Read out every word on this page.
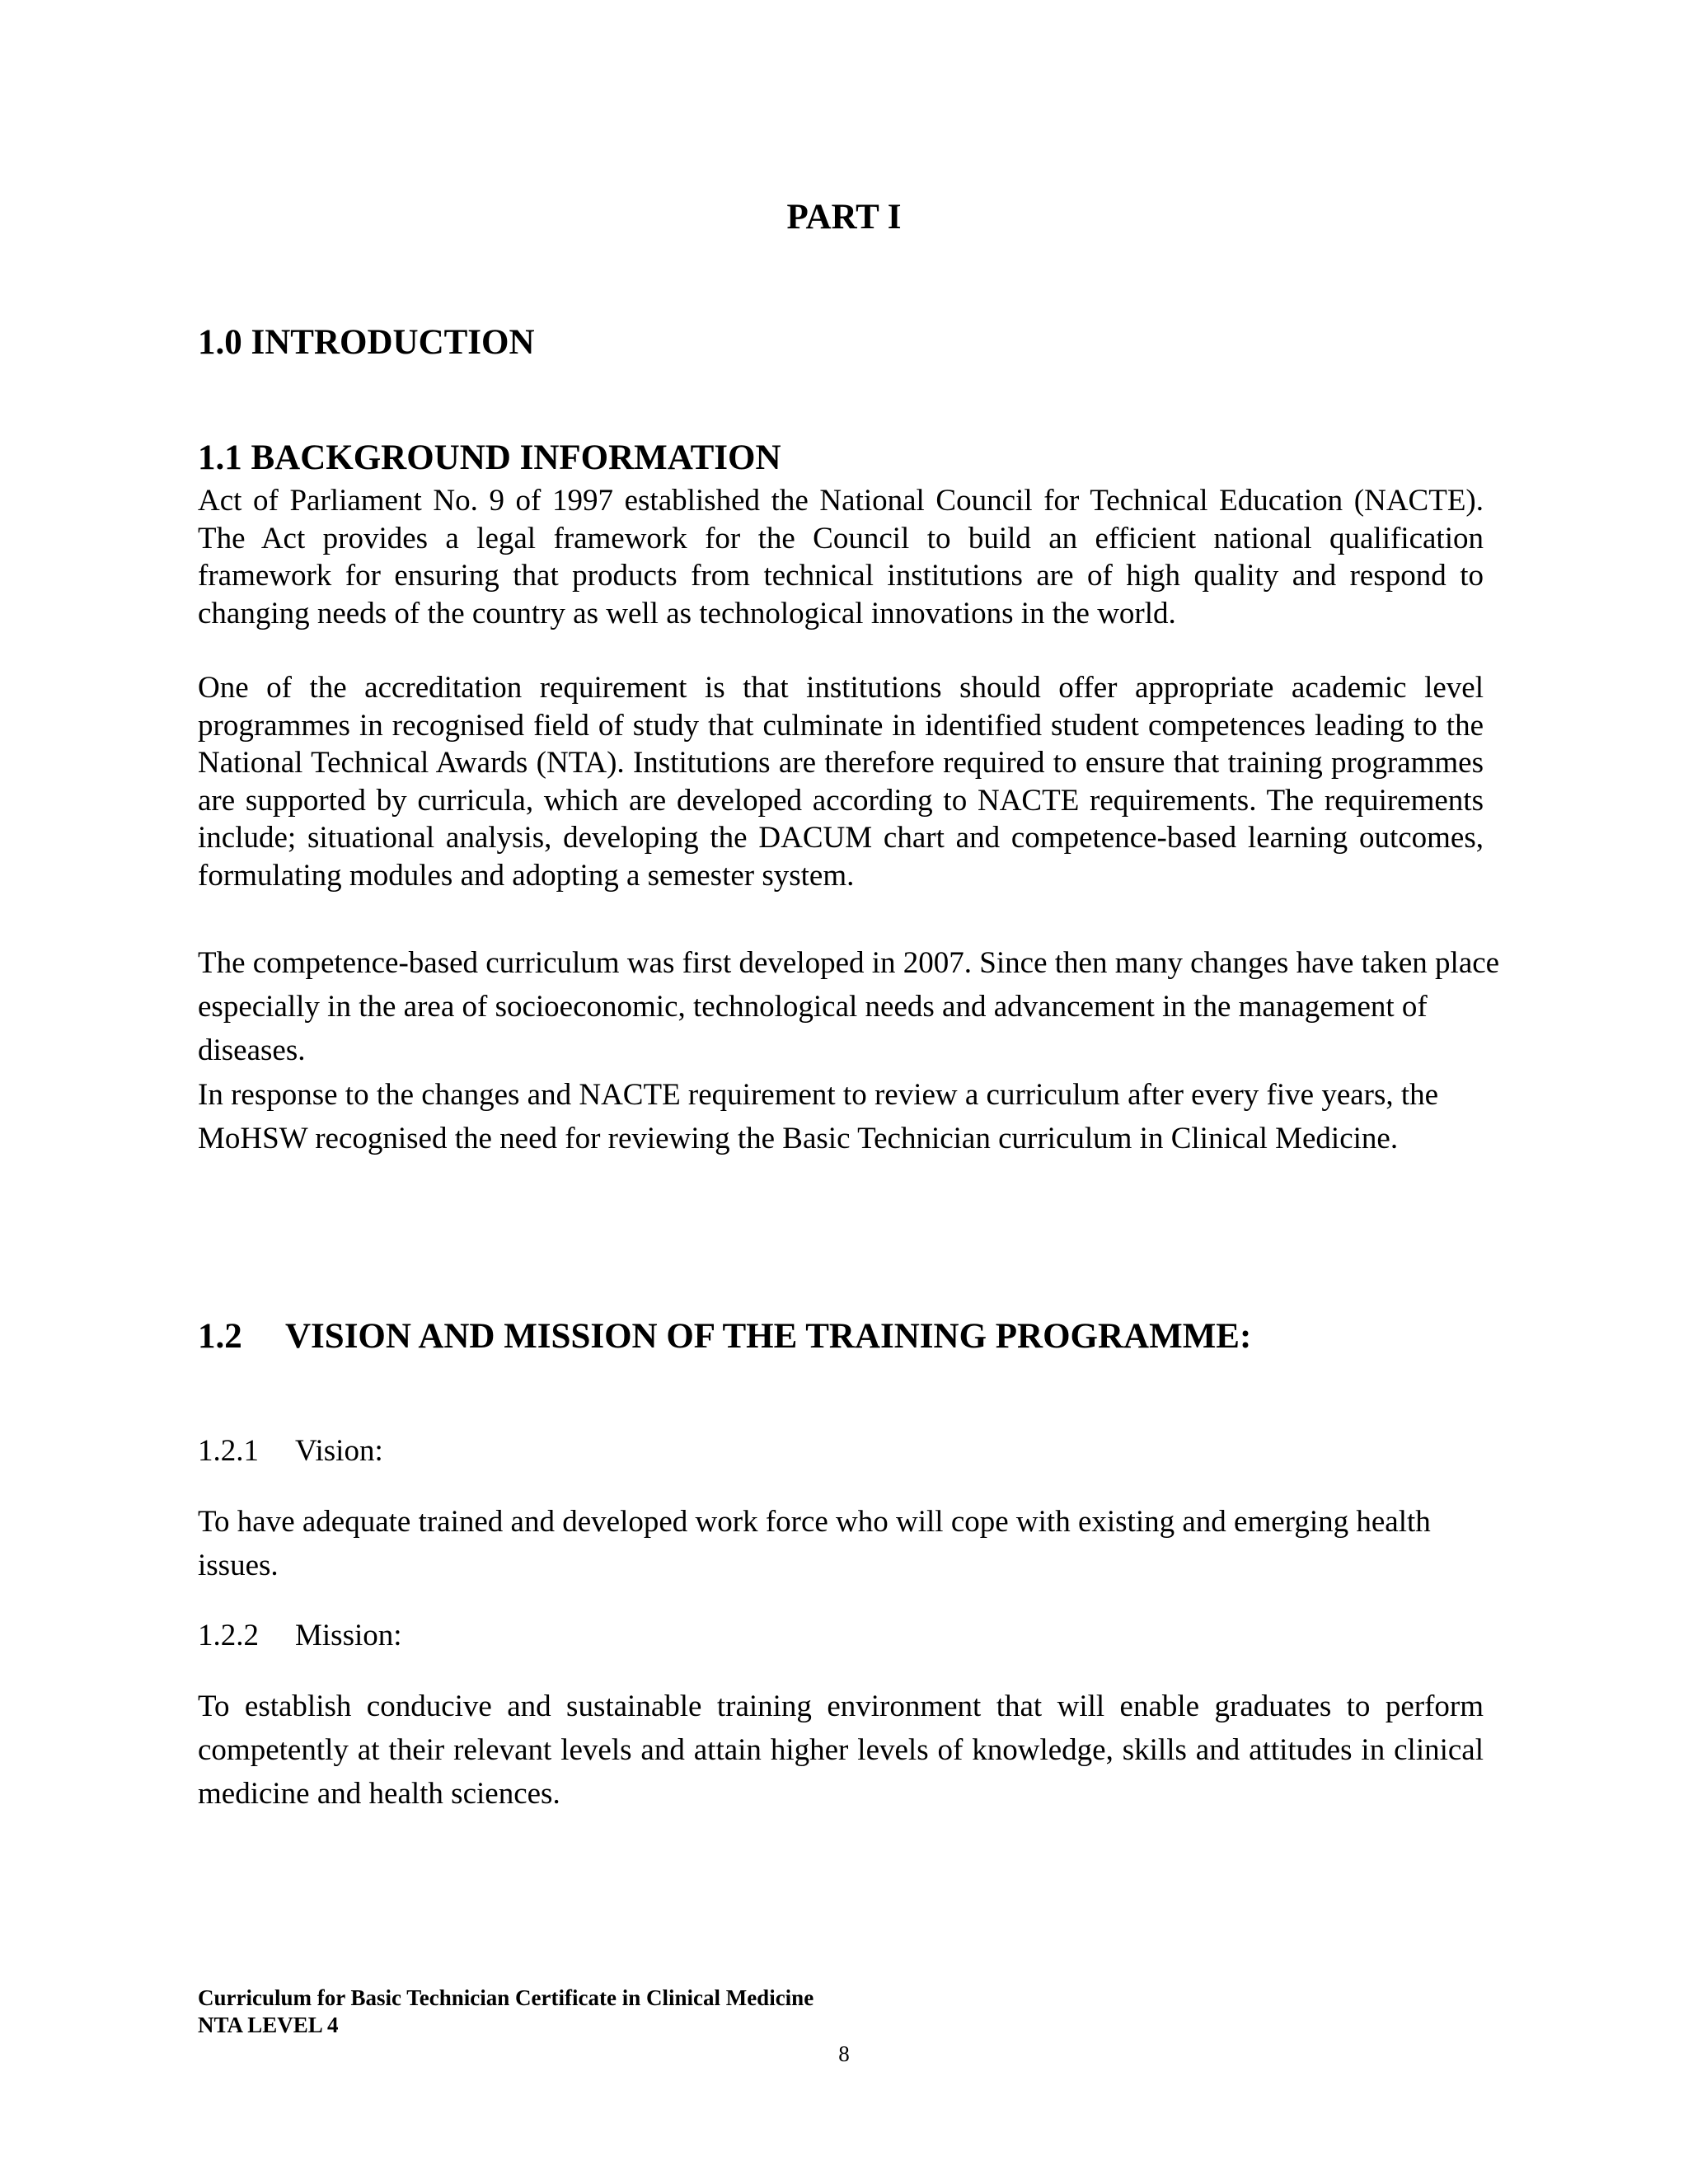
PART I
1.0 INTRODUCTION
1.1 BACKGROUND INFORMATION

Act of Parliament No. 9 of 1997 established the National Council for Technical Education (NACTE). The Act provides a legal framework for the Council to build an efficient national qualification framework for ensuring that products from technical institutions are of high quality and respond to changing needs of the country as well as technological innovations in the world.

One of the accreditation requirement is that institutions should offer appropriate academic level programmes in recognised field of study that culminate in identified student competences leading to the National Technical Awards (NTA). Institutions are therefore required to ensure that training programmes are supported by curricula, which are developed according to NACTE requirements. The requirements include; situational analysis, developing the DACUM chart and competence-based learning outcomes, formulating modules and adopting a semester system.

The competence-based curriculum was first developed in 2007. Since then many changes have taken place especially in the area of socioeconomic, technological needs and advancement in the management of diseases.

In response to the changes and NACTE requirement to review a curriculum after every five years, the MoHSW recognised the need for reviewing the Basic Technician curriculum in Clinical Medicine.

1.2 VISION AND MISSION OF THE TRAINING PROGRAMME:
1.2.1 Vision:

To have adequate trained and developed work force who will cope with existing and emerging health issues.

1.2.2 Mission:

To establish conducive and sustainable training environment that will enable graduates to perform competently at their relevant levels and attain higher levels of knowledge, skills and attitudes in clinical medicine and health sciences.

Curriculum for Basic Technician Certificate in Clinical Medicine
NTA LEVEL 4
8
